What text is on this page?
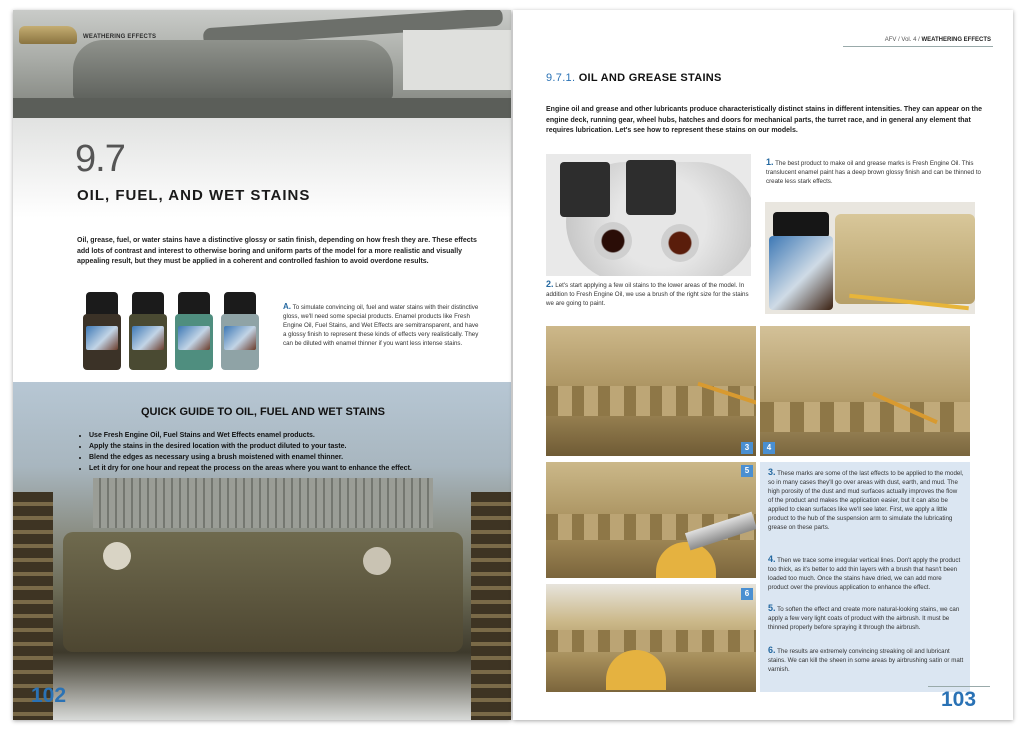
WEATHERING EFFECTS
9.7
OIL, FUEL, AND WET STAINS
Oil, grease, fuel, or water stains have a distinctive glossy or satin finish, depending on how fresh they are. These effects add lots of contrast and interest to otherwise boring and uniform parts of the model for a more realistic and visually appealing result, but they must be applied in a coherent and controlled fashion to avoid overdone results.
A. To simulate convincing oil, fuel and water stains with their distinctive gloss, we'll need some special products. Enamel products like Fresh Engine Oil, Fuel Stains, and Wet Effects are semitransparent, and have a glossy finish to represent these kinds of effects very realistically. They can be diluted with enamel thinner if you want less intense stains.
QUICK GUIDE TO OIL, FUEL AND WET STAINS
• Use Fresh Engine Oil, Fuel Stains and Wet Effects enamel products.
• Apply the stains in the desired location with the product diluted to your taste.
• Blend the edges as necessary using a brush moistened with enamel thinner.
• Let it dry for one hour and repeat the process on the areas where you want to enhance the effect.
102
AFV / Vol. 4 / WEATHERING EFFECTS
9.7.1. OIL AND GREASE STAINS
Engine oil and grease and other lubricants produce characteristically distinct stains in different intensities. They can appear on the engine deck, running gear, wheel hubs, hatches and doors for mechanical parts, the turret race, and in general any element that requires lubrication. Let's see how to represent these stains on our models.
1. The best product to make oil and grease marks is Fresh Engine Oil. This translucent enamel paint has a deep brown glossy finish and can be thinned to create less stark effects.
2. Let's start applying a few oil stains to the lower areas of the model. In addition to Fresh Engine Oil, we use a brush of the right size for the stains we are going to paint.
3	4
5
6
3. These marks are some of the last effects to be applied to the model, so in many cases they'll go over areas with dust, earth, and mud. The high porosity of the dust and mud surfaces actually improves the flow of the product and makes the application easier, but it can also be applied to clean surfaces like we'll see later. First, we apply a little product to the hub of the suspension arm to simulate the lubricating grease on these parts.
4. Then we trace some irregular vertical lines. Don't apply the product too thick, as it's better to add thin layers with a brush that hasn't been loaded too much. Once the stains have dried, we can add more product over the previous application to enhance the effect.
5. To soften the effect and create more natural-looking stains, we can apply a few very light coats of product with the airbrush. It must be thinned properly before spraying it through the airbrush.
6. The results are extremely convincing streaking oil and lubricant stains. We can kill the sheen in some areas by airbrushing satin or matt varnish.
103
